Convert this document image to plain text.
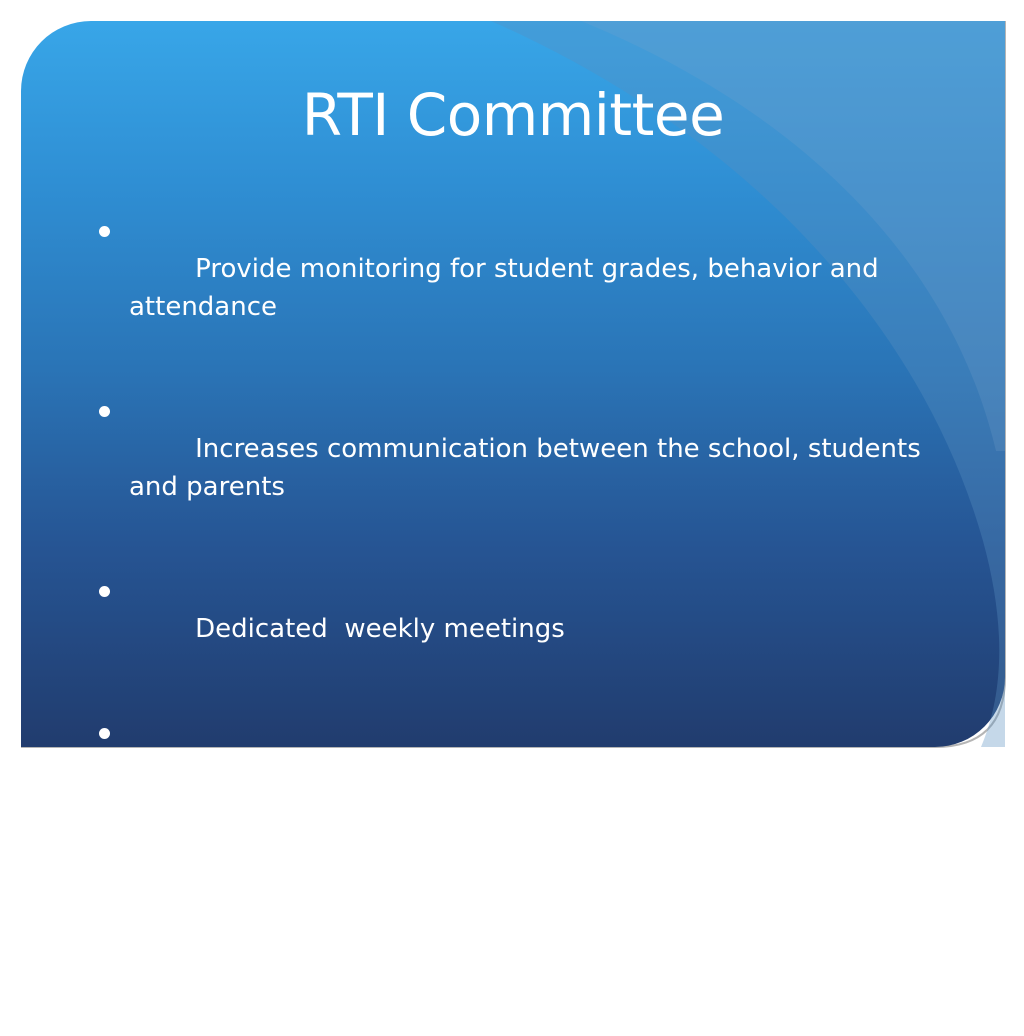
RTI Committee

Provide monitoring for student grades, behavior and attendance

Increases communication between the school, students and parents

Dedicated  weekly meetings

Student referrals generated in house and by instructional staff

Referral forms
